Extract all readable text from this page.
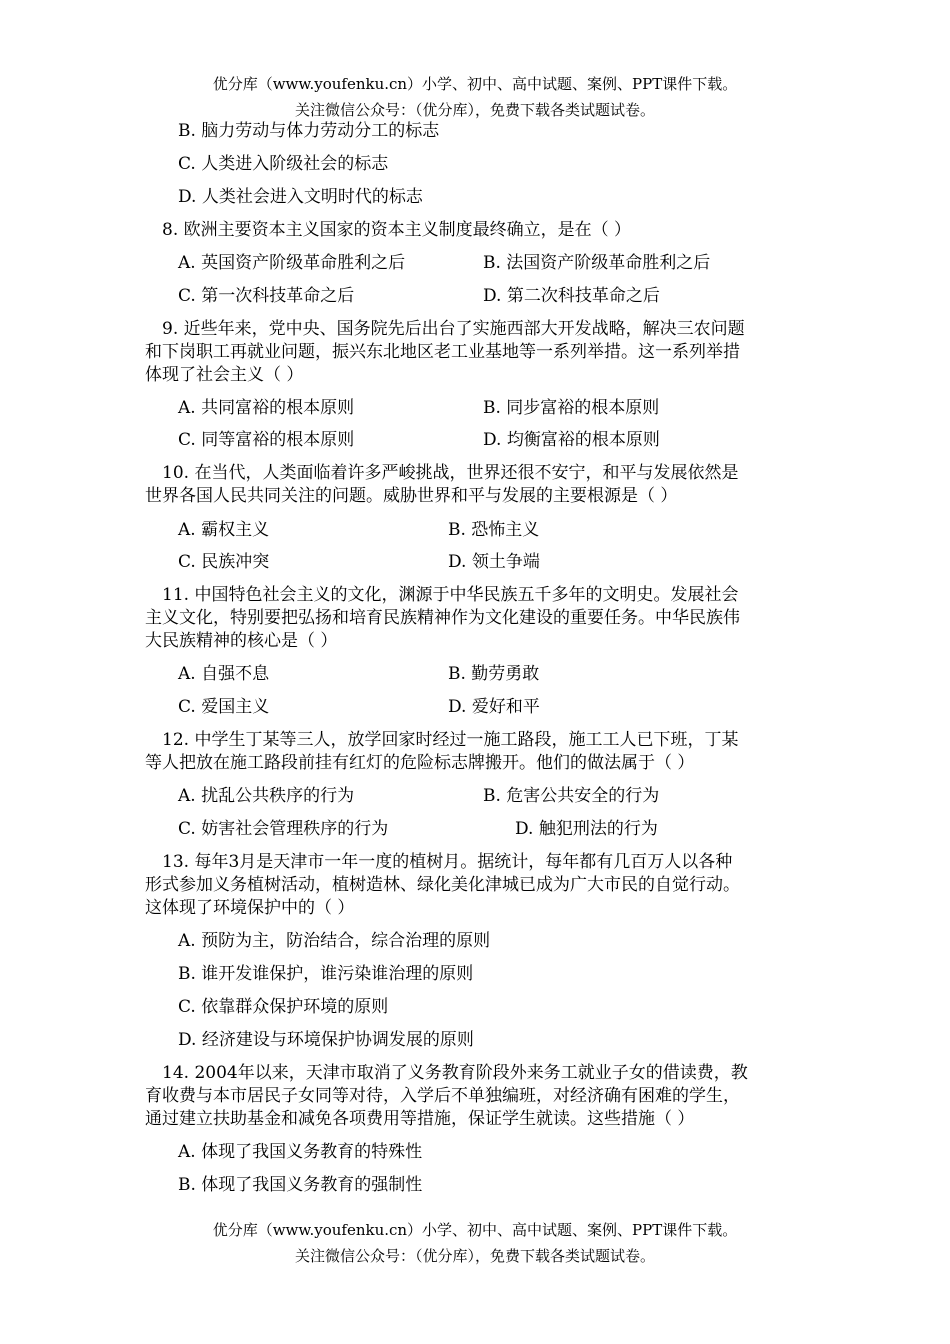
优分库（www.youfenku.cn）小学、初中、高中试题、案例、PPT课件下载。
关注微信公众号：（优分库），免费下载各类试题试卷。
B. 脑力劳动与体力劳动分工的标志
C. 人类进入阶级社会的标志
D. 人类社会进入文明时代的标志
8. 欧洲主要资本主义国家的资本主义制度最终确立，是在（ ）
A. 英国资产阶级革命胜利之后	B. 法国资产阶级革命胜利之后
C. 第一次科技革命之后	D. 第二次科技革命之后
9. 近些年来，党中央、国务院先后出台了实施西部大开发战略，解决三农问题
和下岗职工再就业问题，振兴东北地区老工业基地等一系列举措。这一系列举措
体现了社会主义（ ）
A. 共同富裕的根本原则	B. 同步富裕的根本原则
C. 同等富裕的根本原则	D. 均衡富裕的根本原则
10. 在当代，人类面临着许多严峻挑战，世界还很不安宁，和平与发展依然是
世界各国人民共同关注的问题。威胁世界和平与发展的主要根源是（ ）
A. 霸权主义	B. 恐怖主义
C. 民族冲突	D. 领土争端
11. 中国特色社会主义的文化，渊源于中华民族五千多年的文明史。发展社会
主义文化，特别要把弘扬和培育民族精神作为文化建设的重要任务。中华民族伟
大民族精神的核心是（ ）
A. 自强不息	B. 勤劳勇敢
C. 爱国主义	D. 爱好和平
12. 中学生丁某等三人，放学回家时经过一施工路段，施工工人已下班，丁某
等人把放在施工路段前挂有红灯的危险标志牌搬开。他们的做法属于（ ）
A. 扰乱公共秩序的行为	B. 危害公共安全的行为
C. 妨害社会管理秩序的行为	D. 触犯刑法的行为
13. 每年3月是天津市一年一度的植树月。据统计，每年都有几百万人以各种
形式参加义务植树活动，植树造林、绿化美化津城已成为广大市民的自觉行动。
这体现了环境保护中的（ ）
A. 预防为主，防治结合，综合治理的原则
B. 谁开发谁保护，谁污染谁治理的原则
C. 依靠群众保护环境的原则
D. 经济建设与环境保护协调发展的原则
14. 2004年以来，天津市取消了义务教育阶段外来务工就业子女的借读费，教
育收费与本市居民子女同等对待，入学后不单独编班，对经济确有困难的学生，
通过建立扶助基金和减免各项费用等措施，保证学生就读。这些措施（ ）
A. 体现了我国义务教育的特殊性
B. 体现了我国义务教育的强制性
优分库（www.youfenku.cn）小学、初中、高中试题、案例、PPT课件下载。
关注微信公众号：（优分库），免费下载各类试题试卷。
